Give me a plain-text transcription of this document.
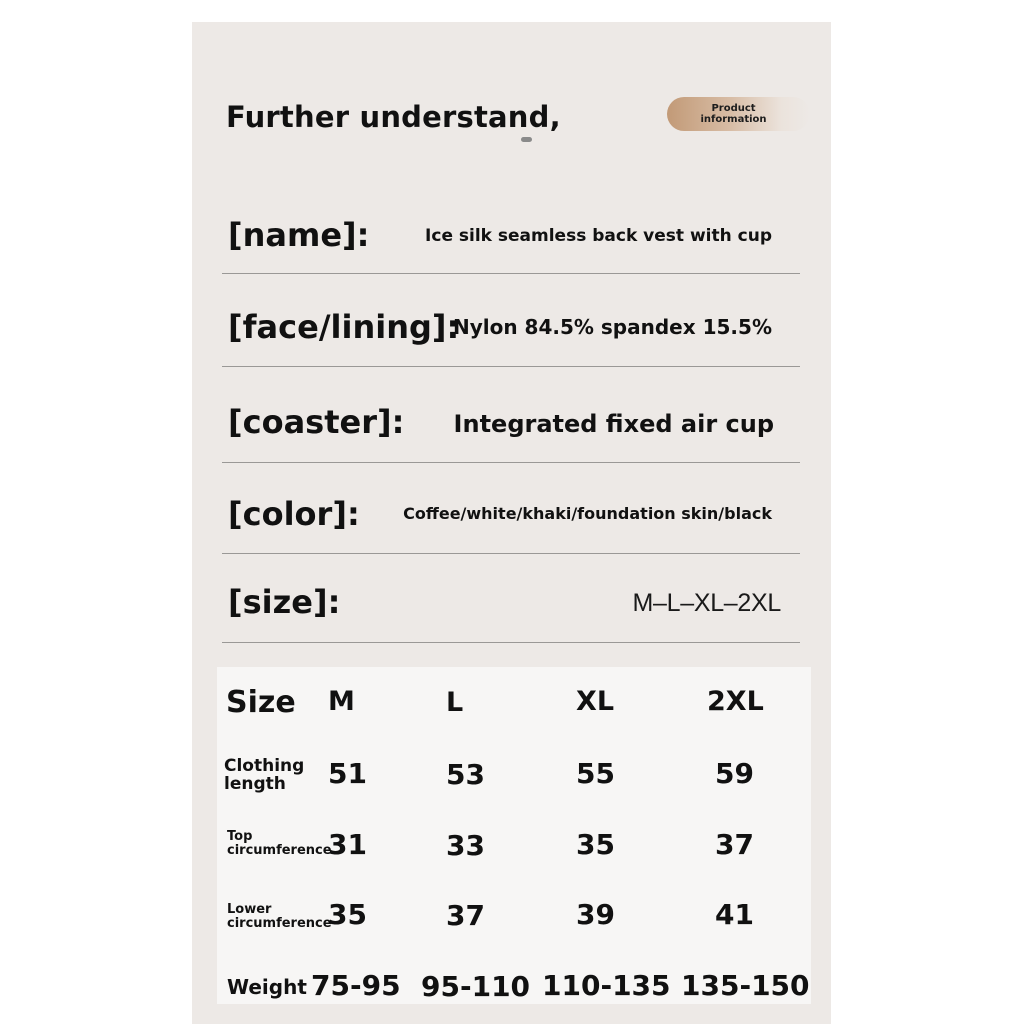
Further understand,	Product
information
[name]:	Ice silk seamless back vest with cup
[face/lining]:
Nylon 84.5% spandex 15.5%
[coaster]: Integrated fixed air cup
[color]:	Coffee/white/khaki/foundation skin/black
[size]:	M–L–XL–2XL
Size M	L	XL	2XL
Clothing
length	51	53	55	59
Top
circumference
31	33	35	37
Lower
circumference
35	37	39	41
Weight 75-95 95-110 110-135 135-150
